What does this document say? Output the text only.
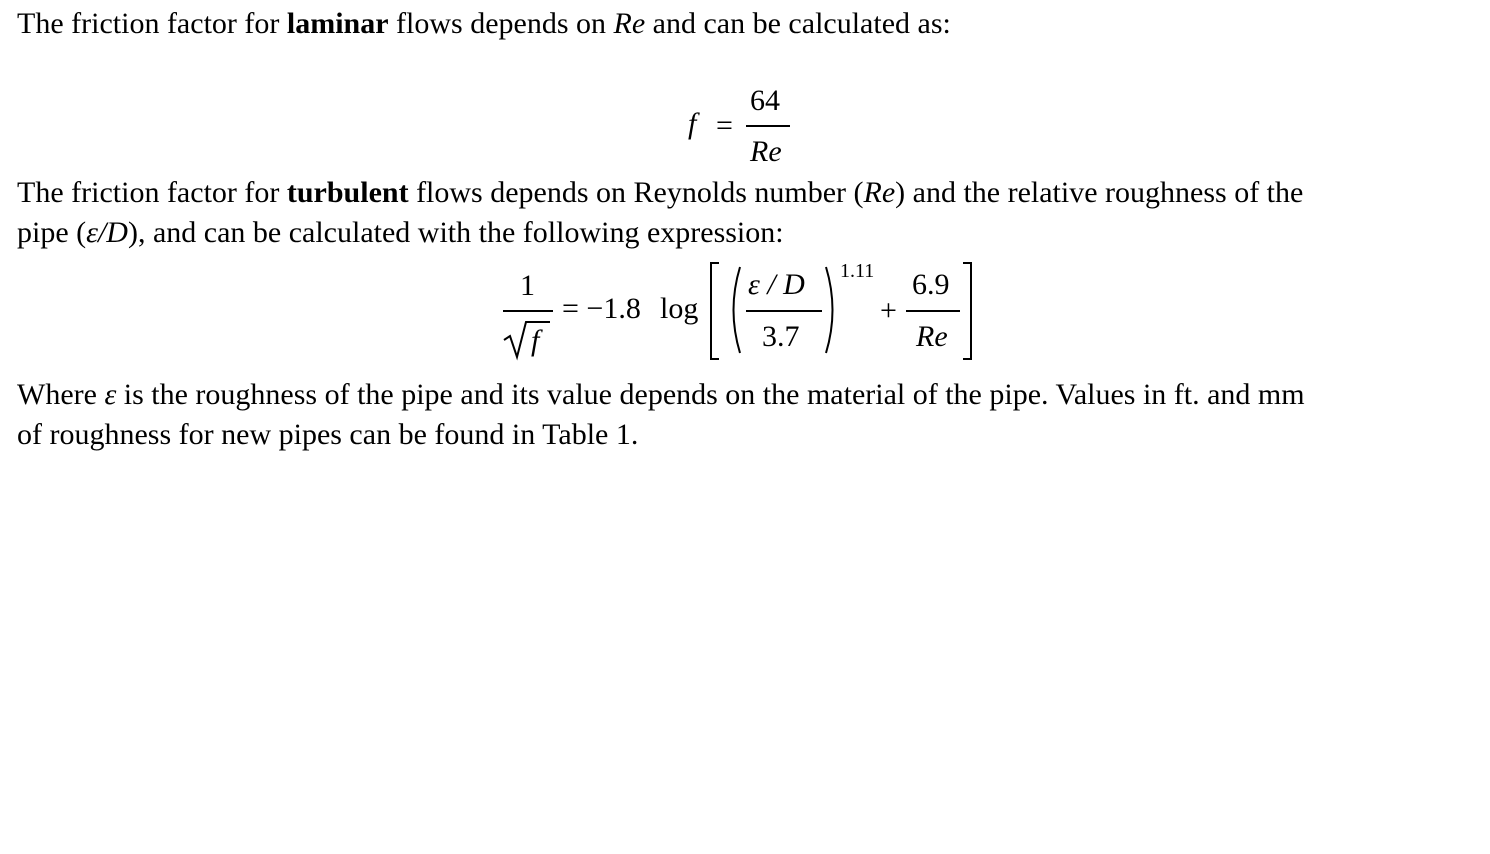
The friction factor for laminar flows depends on Re and can be calculated as:
f =
64
Re
The friction factor for turbulent flows depends on Reynolds number (Re) and the relative roughness of the
pipe (ε/D), and can be calculated with the following expression:
1
f
= −1.8 log
ε / D
3.7
1.11
+
6.9
Re
Where ε is the roughness of the pipe and its value depends on the material of the pipe. Values in ft. and mm
of roughness for new pipes can be found in Table 1.
